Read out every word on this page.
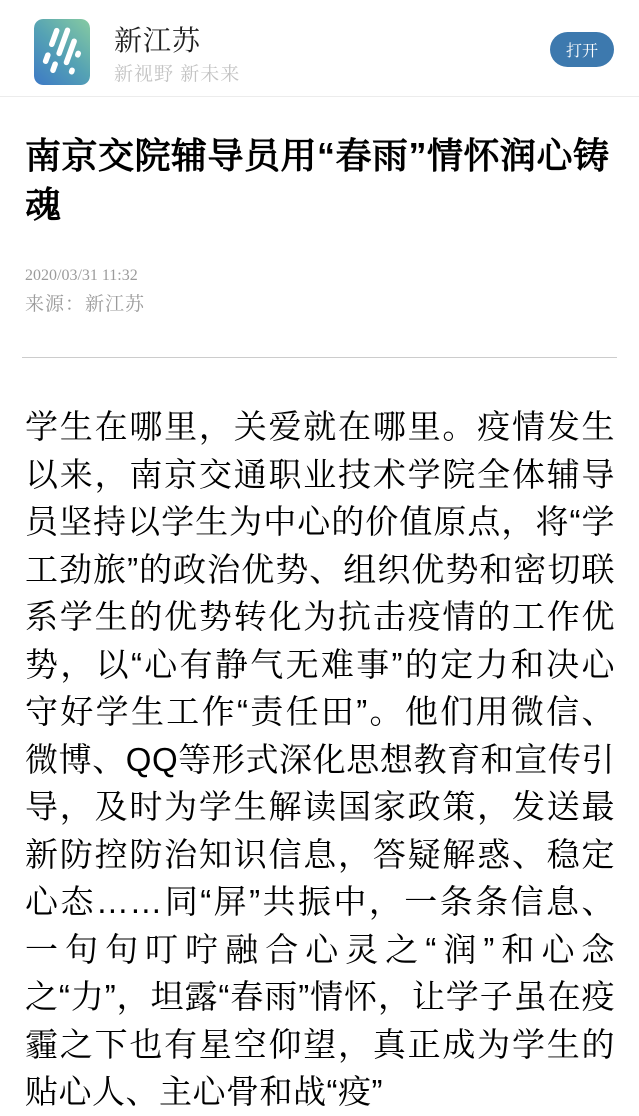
新江苏
新视野 新未来
打开
南京交院辅导员用“春雨”情怀润心铸魂
2020/03/31 11:32
来源：新江苏
学生在哪里，关爱就在哪里。疫情发生以来，南京交通职业技术学院全体辅导员坚持以学生为中心的价值原点，将“学工劲旅”的政治优势、组织优势和密切联系学生的优势转化为抗击疫情的工作优势，以“心有静气无难事”的定力和决心守好学生工作“责任田”。他们用微信、微博、QQ等形式深化思想教育和宣传引导，及时为学生解读国家政策，发送最新防控防治知识信息，答疑解惑、稳定心态……同“屏”共振中，一条条信息、一句句叮咛融合心灵之“润”和心念之“力”，坦露“春雨”情怀，让学子虽在疫霾之下也有星空仰望，真正成为学生的贴心人、主心骨和战“疫”
